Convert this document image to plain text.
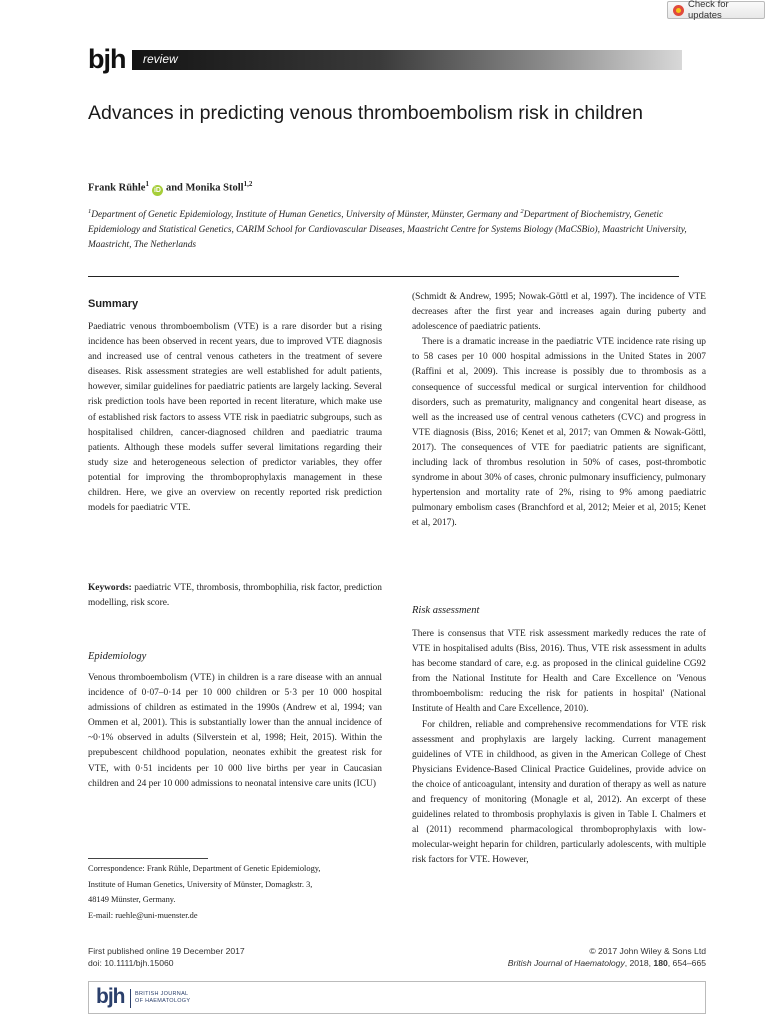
Check for updates
bjh review
Advances in predicting venous thromboembolism risk in children
Frank Rühle$^1$iD and Monika Stoll$^{1,2}$
$^1$Department of Genetic Epidemiology, Institute of Human Genetics, University of Münster, Münster, Germany and $^2$Department of Biochemistry, Genetic Epidemiology and Statistical Genetics, CARIM School for Cardiovascular Diseases, Maastricht Centre for Systems Biology (MaCSBio), Maastricht University, Maastricht, The Netherlands
Summary

Paediatric venous thromboembolism (VTE) is a rare disorder but a rising incidence has been observed in recent years, due to improved VTE diagnosis and increased use of central venous catheters in the treatment of severe diseases. Risk assessment strategies are well established for adult patients, however, similar guidelines for paediatric patients are largely lacking. Several risk prediction tools have been reported in recent literature, which make use of established risk factors to assess VTE risk in paediatric subgroups, such as hospitalised children, cancer-diagnosed children and paediatric trauma patients. Although these models suffer several limitations regarding their study size and heterogeneous selection of predictor variables, they offer potential for improving the thromboprophylaxis management in these children. Here, we give an overview on recently reported risk prediction models for paediatric VTE.

Keywords: paediatric VTE, thrombosis, thrombophilia, risk factor, prediction modelling, risk score.

Epidemiology

Venous thromboembolism (VTE) in children is a rare disease with an annual incidence of 0·07–0·14 per 10 000 children or 5·3 per 10 000 hospital admissions of children as estimated in the 1990s (Andrew et al, 1994; van Ommen et al, 2001). This is substantially lower than the annual incidence of ~0·1% observed in adults (Silverstein et al, 1998; Heit, 2015). Within the prepubescent childhood population, neonates exhibit the greatest risk for VTE, with 0·51 incidents per 10 000 live births per year in Caucasian children and 24 per 10 000 admissions to neonatal intensive care units (ICU)

Correspondence: Frank Rühle, Department of Genetic Epidemiology,
Institute of Human Genetics, University of Münster, Domagkstr. 3,
48149 Münster, Germany.
E-mail: ruehle@uni-muenster.de

(Schmidt & Andrew, 1995; Nowak-Göttl et al, 1997). The incidence of VTE decreases after the first year and increases again during puberty and adolescence of paediatric patients.

There is a dramatic increase in the paediatric VTE incidence rate rising up to 58 cases per 10 000 hospital admissions in the United States in 2007 (Raffini et al, 2009). This increase is possibly due to thrombosis as a consequence of successful medical or surgical intervention for childhood disorders, such as prematurity, malignancy and congenital heart disease, as well as the increased use of central venous catheters (CVC) and progress in VTE diagnosis (Biss, 2016; Kenet et al, 2017; van Ommen & Nowak-Göttl, 2017). The consequences of VTE for paediatric patients are significant, including lack of thrombus resolution in 50% of cases, post-thrombotic syndrome in about 30% of cases, chronic pulmonary insufficiency, pulmonary hypertension and mortality rate of 2%, rising to 9% among paediatric pulmonary embolism cases (Branchford et al, 2012; Meier et al, 2015; Kenet et al, 2017).

Risk assessment

There is consensus that VTE risk assessment markedly reduces the rate of VTE in hospitalised adults (Biss, 2016). Thus, VTE risk assessment in adults has become standard of care, e.g. as proposed in the clinical guideline CG92 from the National Institute for Health and Care Excellence on 'Venous thromboembolism: reducing the risk for patients in hospital' (National Institute of Health and Care Excellence, 2010).

For children, reliable and comprehensive recommendations for VTE risk assessment and prophylaxis are largely lacking. Current management guidelines of VTE in childhood, as given in the American College of Chest Physicians Evidence-Based Clinical Practice Guidelines, provide advice on the choice of anticoagulant, intensity and duration of therapy as well as nature and frequency of monitoring (Monagle et al, 2012). An excerpt of these guidelines related to thrombosis prophylaxis is given in Table I. Chalmers et al (2011) recommend pharmacological thromboprophylaxis with low-molecular-weight heparin for children, particularly adolescents, with multiple risk factors for VTE. However,

First published online 19 December 2017
doi: 10.1111/bjh.15060
© 2017 John Wiley & Sons Ltd
British Journal of Haematology, 2018, 180, 654–665
bjh BRITISH JOURNAL
OF HAEMATOLOGY
